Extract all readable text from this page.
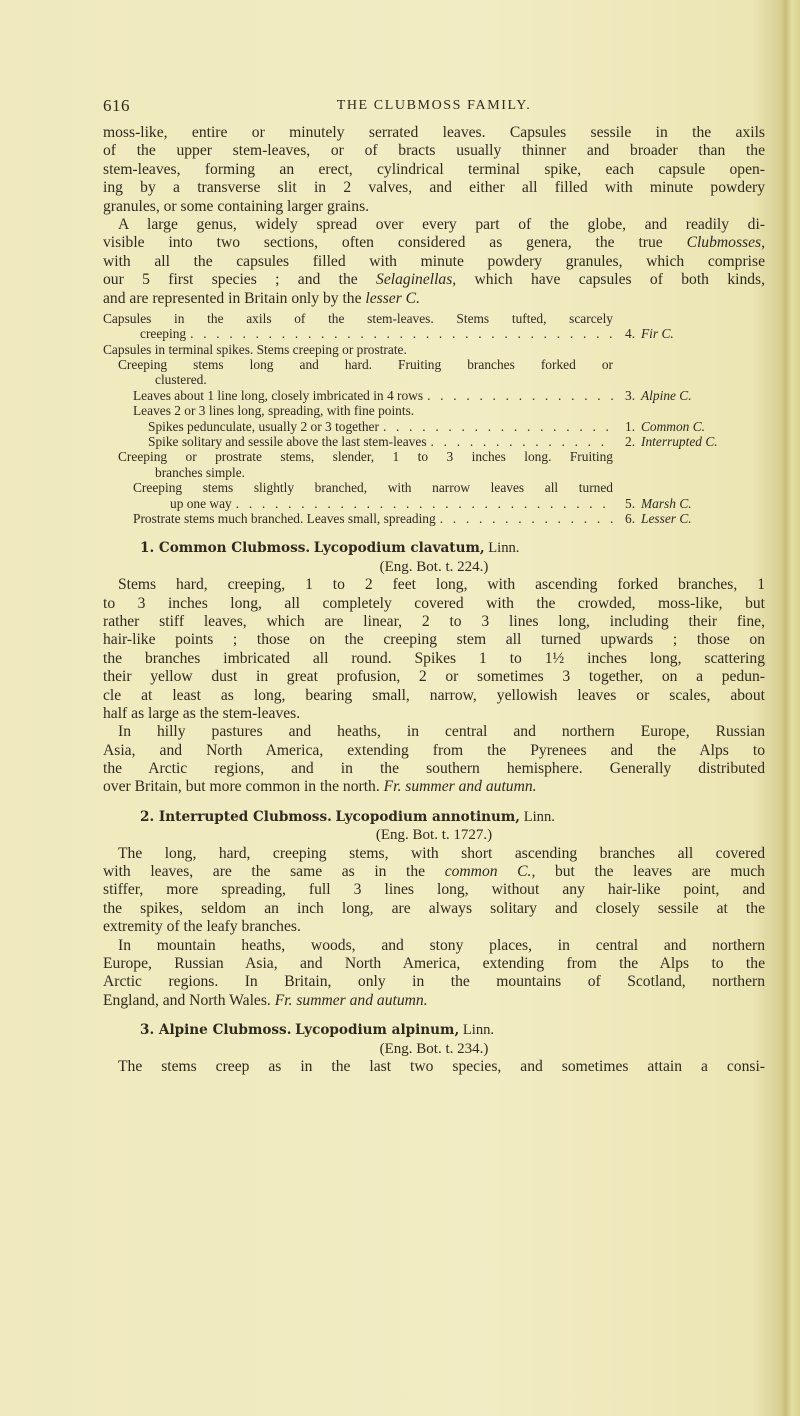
616	THE CLUBMOSS FAMILY.
moss-like, entire or minutely serrated leaves. Capsules sessile in the axils
of the upper stem-leaves, or of bracts usually thinner and broader than the
stem-leaves, forming an erect, cylindrical terminal spike, each capsule open-
ing by a transverse slit in 2 valves, and either all filled with minute powdery
granules, or some containing larger grains.
A large genus, widely spread over every part of the globe, and readily di-
visible into two sections, often considered as genera, the true Clubmosses,
with all the capsules filled with minute powdery granules, which comprise
our 5 first species ; and the Selaginellas, which have capsules of both kinds,
and are represented in Britain only by the lesser C.
Capsules in the axils of the stem-leaves. Stems tufted, scarcely
creeping . . .	4. Fir C.
Capsules in terminal spikes. Stems creeping or prostrate.
Creeping stems long and hard. Fruiting branches forked or
clustered.
Leaves about 1 line long, closely imbricated in 4 rows . . .	3. Alpine C.
Leaves 2 or 3 lines long, spreading, with fine points.
Spikes pedunculate, usually 2 or 3 together . . .	1. Common C.
Spike solitary and sessile above the last stem-leaves . . .	2. Interrupted C.
Creeping or prostrate stems, slender, 1 to 3 inches long. Fruiting
branches simple.
Creeping stems slightly branched, with narrow leaves all turned
up one way . . .	5. Marsh C.
Prostrate stems much branched. Leaves small, spreading . . .	6. Lesser C.
1. Common Clubmoss. Lycopodium clavatum, Linn.
(Eng. Bot. t. 224.)
Stems hard, creeping, 1 to 2 feet long, with ascending forked branches, 1
to 3 inches long, all completely covered with the crowded, moss-like, but
rather stiff leaves, which are linear, 2 to 3 lines long, including their fine,
hair-like points ; those on the creeping stem all turned upwards ; those on
the branches imbricated all round. Spikes 1 to 1½ inches long, scattering
their yellow dust in great profusion, 2 or sometimes 3 together, on a pedun-
cle at least as long, bearing small, narrow, yellowish leaves or scales, about
half as large as the stem-leaves.
In hilly pastures and heaths, in central and northern Europe, Russian
Asia, and North America, extending from the Pyrenees and the Alps to
the Arctic regions, and in the southern hemisphere. Generally distributed
over Britain, but more common in the north. Fr. summer and autumn.
2. Interrupted Clubmoss. Lycopodium annotinum, Linn.
(Eng. Bot. t. 1727.)
The long, hard, creeping stems, with short ascending branches all covered
with leaves, are the same as in the common C., but the leaves are much
stiffer, more spreading, full 3 lines long, without any hair-like point, and
the spikes, seldom an inch long, are always solitary and closely sessile at the
extremity of the leafy branches.
In mountain heaths, woods, and stony places, in central and northern
Europe, Russian Asia, and North America, extending from the Alps to the
Arctic regions. In Britain, only in the mountains of Scotland, northern
England, and North Wales. Fr. summer and autumn.
3. Alpine Clubmoss. Lycopodium alpinum, Linn.
(Eng. Bot. t. 234.)
The stems creep as in the last two species, and sometimes attain a consi-
